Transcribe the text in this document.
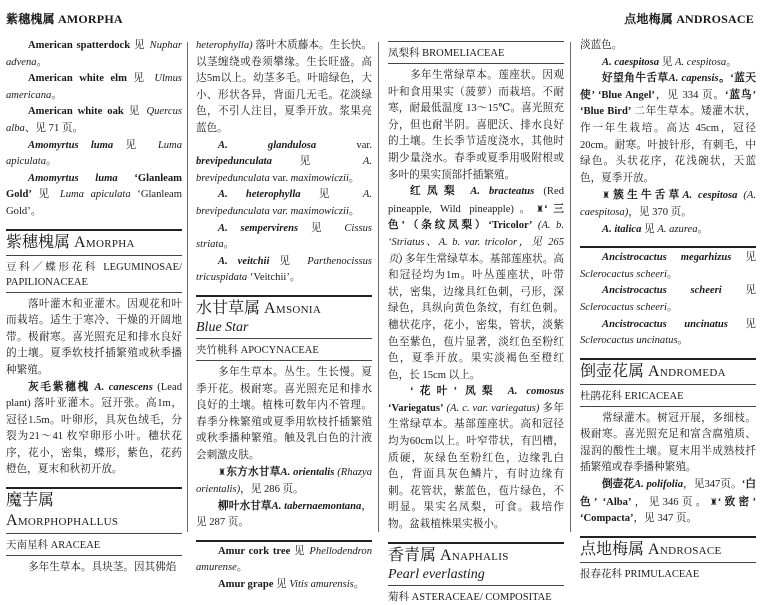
紫穗槐属 AMORPHA	点地梅属 ANDROSACE

American spatterdock 见 Nuphar advena。

American white elm 见 Ulmus americana。

American white oak 见 Quercus alba、见 71 页。

Amomyrtus luma 见 Luma apiculata。

Amomyrtus luma ‘Glanleam Gold’ 见 Luma apiculata ‘Glanleam Gold’。

紫穗槐属 Amorpha
豆科／蝶形花科 LEGUMINOSAE/ PAPILIONACEAE

落叶灌木和亚灌木。因观花和叶而栽培。适生于寒冷、干燥的开阔地带。极耐寒。喜光照充足和排水良好的土壤。夏季软枝扦插繁殖或秋季播种繁殖。

灰毛紫穗槐 A. canescens (Lead plant) 落叶亚灌木。冠开张。高1m，冠径1.5m。叶卵形，具灰色绒毛，分裂为21～41 枚窄卵形小叶。穗状花序，花小，密集，蝶形，紫色，花药橙色，夏末和秋初开放。

魔芋属
Amorphophallus
天南星科 ARACEAE

多年生草本。具块茎。因其佛焰

heterophylla) 落叶木质藤本。生长快。以茎缠绕或卷须攀缘。生长旺盛。高达5m以上。幼茎多毛。叶暗绿色，大小、形状各异，背面几无毛。花淡绿色，不引人注目，夏季开放。浆果亮蓝色。

A. glandulosa var. brevipedunculata 见 A. brevipedunculata var. maximowiczii。

A. heterophylla 见 A. brevipedunculata var. maximowiczii。

A. sempervirens 见 Cissus striata。

A. veitchii 见 Parthenocissus tricuspidata ‘Veitchii’。

水甘草属 Amsonia
Blue Star
夹竹桃科 APOCYNACEAE

多年生草本。丛生。生长慢。夏季开花。极耐寒。喜光照充足和排水良好的土壤。植株可数年内不管理。春季分株繁殖或夏季用软枝扦插繁殖或秋季播种繁殖。触及乳白色的汁液会刺激皮肤。

♜东方水甘草A. orientalis (Rhazya orientalis)，见 286 页。

柳叶水甘草A. tabernaemontana，见 287 页。

Amur cork tree 见 Phellodendron amurense。

Amur grape 见 Vitis amurensis。

凤梨科 BROMELIACEAE

多年生常绿草本。莲座状。因观叶和食用果实（菠萝）而栽培。不耐寒，耐最低温度 13～15℃。喜光照充分，但也耐半阴。喜肥沃、排水良好的土壤。生长季节适度浇水，其他时期少量浇水。春季或夏季用吸附根或多叶的果实顶部扦插繁殖。

红凤梨 A. bracteatus (Red pineapple, Wild pineapple)。♜‘三色’（条纹凤梨）‘Tricolor’ (A. b. ‘Striatus、A. b. var. tricolor，见 265 页) 多年生常绿草本。基部莲座状。高和冠径均为1m。叶丛莲座状，叶带状，密集，边缘具红色刺，弓形，深绿色，具纵向黄色条纹，有红色刺。穗状花序，花小，密集，管状，淡紫色至紫色，苞片显著，淡红色至粉红色，夏季开放。果实淡褐色至橙红色，长 15cm 以上。

‘花叶’ 凤梨 A. comosus ‘Variegatus’ (A. c. var. variegatus) 多年生常绿草本。基部莲座状。高和冠径均为60cm以上。叶窄带状，有凹槽，质硬，灰绿色至粉红色，边缘乳白色，背面具灰色鳞片，有时边缘有刺。花管状，紫蓝色，苞片绿色，不明显。果实名凤梨，可食。栽培作物。盆栽植株果实极小。

香青属 Anaphalis
Pearl everlasting
菊科 ASTERACEAE/ COMPOSITAE

淡蓝色。

A. caespitosa 见 A. cespitosa。

好望角牛舌草A. capensis。‘蓝天使’ ‘Blue Angel’，见 334 页。‘蓝鸟’ ‘Blue Bird’ 二年生草本。矮灌木状，作一年生栽培。高达 45cm，冠径 20cm。耐寒。叶披针形，有刺毛，中绿色。头状花序，花浅碗状，天蓝色，夏季开放。

♜簇生牛舌草A. cespitosa (A. caespitosa)，见 370 页。

A. italica 见 A. azurea。

Ancistrocactus megarhizus 见 Sclerocactus scheeri。

Ancistrocactus scheeri 见 Sclerocactus scheeri。

Ancistrocactus uncinatus 见 Sclerocactus uncinatus。

倒壶花属 Andromeda
杜鹃花科 ERICACEAE

常绿灌木。树冠开展，多细枝。极耐寒。喜光照充足和富含腐殖质、湿润的酸性土壤。夏末用半成熟枝扦插繁殖或春季播种繁殖。

倒壶花A. polifolia，见347页。‘白色’ ‘Alba’，见346页。♜‘致密’ ‘Compacta’，见 347 页。

点地梅属 Androsace
报春花科 PRIMULACEAE
